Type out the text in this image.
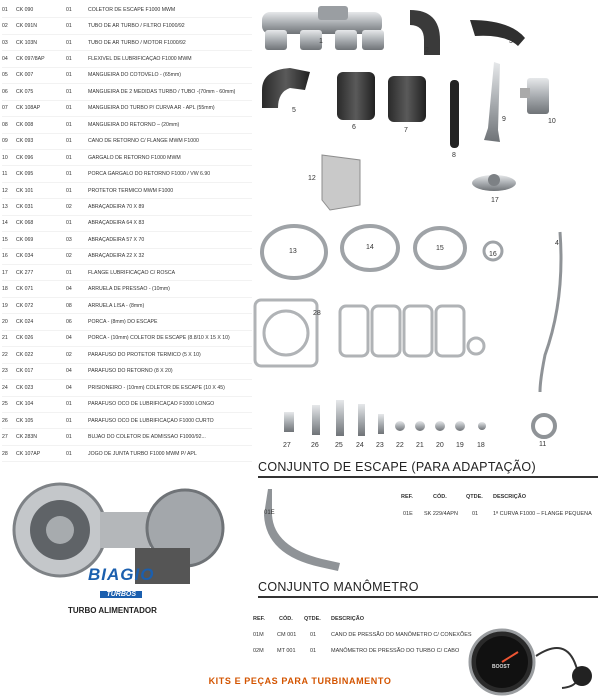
01	CK 090	01	COLETOR DE ESCAPE F1000 MWM
02	CK 091N	01	TUBO DE AR TURBO / FILTRO F1000/92
03	CK 103N	01	TUBO DE AR TURBO / MOTOR F1000/92
04	CK 097/8AP	01	FLEXÍVEL DE LUBRIFICAÇÃO F1000 MWM
05	CK 007	01	MANGUEIRA DO COTOVELO - (65mm)
06	CK 075	01	MANGUEIRA DE 2 MEDIDAS TURBO / TUBO -(70mm - 60mm)
07	CK 108AP	01	MANGUEIRA DO TURBO P/ CURVA AR - APL (55mm)
08	CK 008	01	MANGUEIRA DO RETORNO – (20mm)
09	CK 093	01	CANO DE RETORNO C/ FLANGE MWM F1000
10	CK 096	01	GARGALO DE RETORNO F1000 MWM
11	CK 095	01	PORCA GARGALO DO RETORNO F1000 / VW 6.90
12	CK 101	01	PROTETOR TÉRMICO MWM F1000
13	CK 031	02	ABRAÇADEIRA 70 X 89
14	CK 068	01	ABRAÇADEIRA 64 X 83
15	CK 069	03	ABRAÇADEIRA 57 X 70
16	CK 034	02	ABRAÇADEIRA 22 X 32
17	CK 277	01	FLANGE LUBRIFICAÇÃO C/ ROSCA
18	CK 071	04	ARRUELA DE PRESSÃO - (10mm)
19	CK 072	08	ARRUELA LISA - (8mm)
20	CK 024	06	PORCA - (8mm) DO ESCAPE
21	CK 026	04	PORCA - (10mm) COLETOR DE ESCAPE (8.8/10 X 15 X 10)
22	CK 022	02	PARAFUSO DO PROTETOR TÉRMICO (5 X 10)
23	CK 017	04	PARAFUSO DO RETORNO (8 X 20)
24	CK 023	04	PRISIONEIRO - (10mm) COLETOR DE ESCAPE (10 X 45)
25	CK 104	01	PARAFUSO OCO DE LUBRIFICAÇÃO F1000 LONGO
26	CK 105	01	PARAFUSO OCO DE LUBRIFICAÇÃO F1000 CURTO
27	CK 283N	01	BUJÃO DO COLETOR DE ADMISSÃO F1000/92...
28	CK 107AP	01	JOGO DE JUNTA TURBO F1000 MWM P/ APL
1
2
3
4
5
6	7
8
9	10
11
12
13
14	15
16
17
18
19
20
21
22
23
24
25
26
27
28
CONJUNTO DE ESCAPE (PARA ADAPTAÇÃO)
01E
REF.	CÓD.	QTDE. DESCRIÇÃO
01E SK 229/4APN	01	1ª CURVA F1000 – FLANGE PEQUENA
BIAGIO
TURBOS
TURBO ALIMENTADOR
CONJUNTO MANÔMETRO
REF.	CÓD. QTDE. DESCRIÇÃO
01M CM 001 01	CANO DE PRESSÃO DO MANÔMETRO C/ CONEXÕES
02M MT 001	01	MANÔMETRO DE PRESSÃO DO TURBO C/ CABO
BOOST
KITS E PEÇAS PARA TURBINAMENTO
